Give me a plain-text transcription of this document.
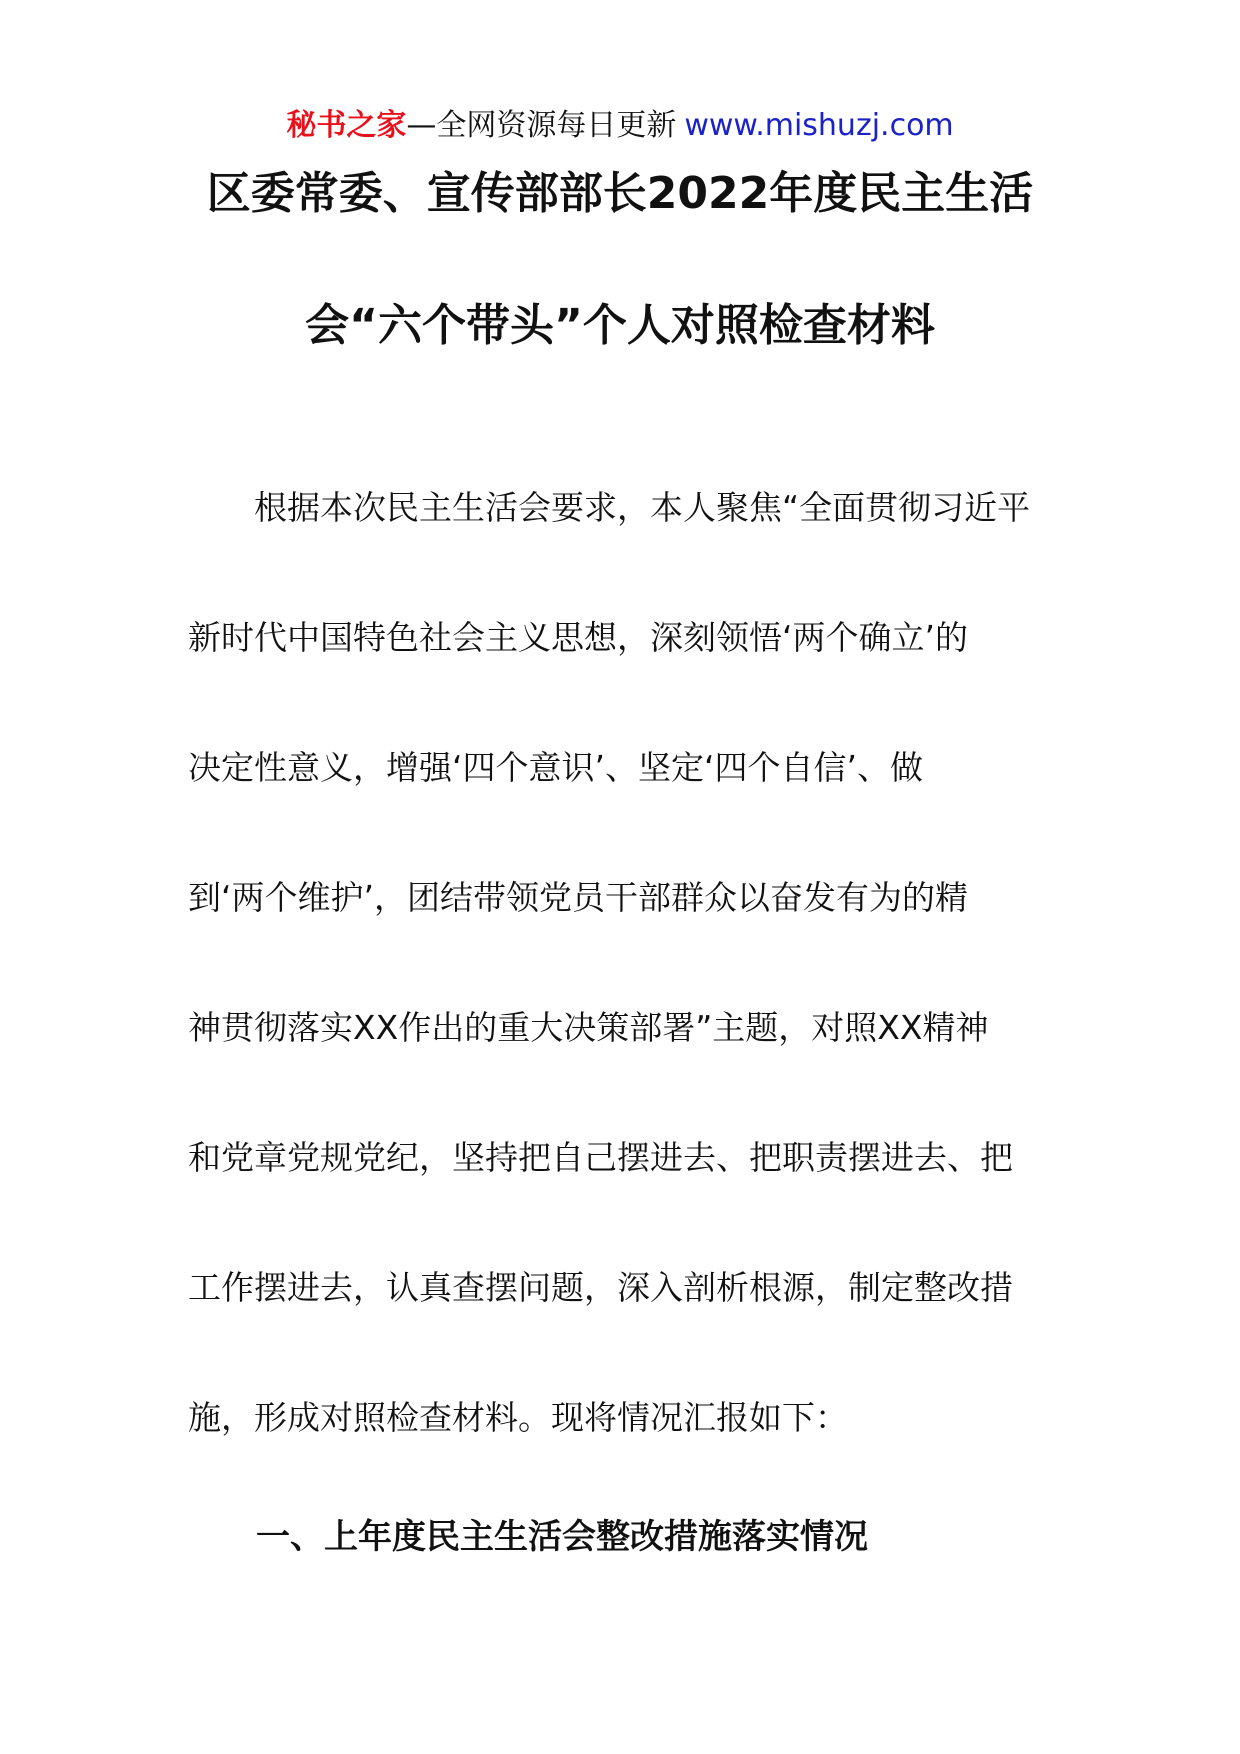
秘书之家—全网资源每日更新 www.mishuzj.com
区委常委、宣传部部长2022年度民主生活
会“六个带头”个人对照检查材料
　　根据本次民主生活会要求，本人聚焦“全面贯彻习近平
新时代中国特色社会主义思想，深刻领悟‘两个确立’的
决定性意义，增强‘四个意识’、坚定‘四个自信’、做
到‘两个维护’，团结带领党员干部群众以奋发有为的精
神贯彻落实XX作出的重大决策部署”主题，对照XX精神
和党章党规党纪，坚持把自己摆进去、把职责摆进去、把
工作摆进去，认真查摆问题，深入剖析根源，制定整改措
施，形成对照检查材料。现将情况汇报如下：
一、上年度民主生活会整改措施落实情况
